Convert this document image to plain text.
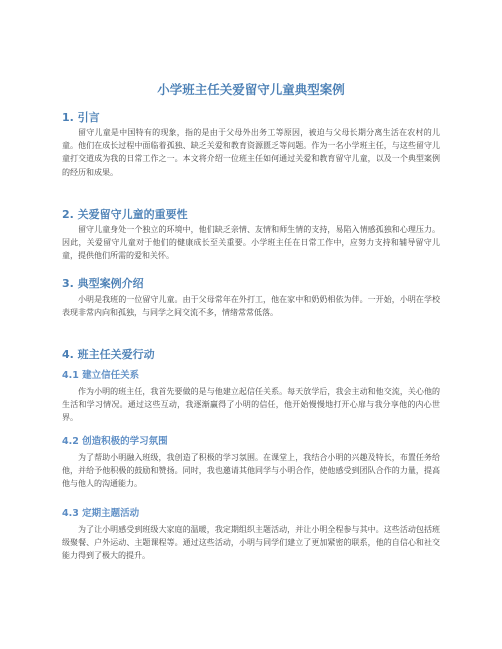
小学班主任关爱留守儿童典型案例
1. 引言

留守儿童是中国特有的现象，指的是由于父母外出务工等原因，被迫与父母长期分离生活在农村的儿童。他们在成长过程中面临着孤独、缺乏关爱和教育资源匮乏等问题。作为一名小学班主任，与这些留守儿童打交道成为我的日常工作之一。本文将介绍一位班主任如何通过关爱和教育留守儿童，以及一个典型案例的经历和成果。

2. 关爱留守儿童的重要性

留守儿童身处一个独立的环境中，他们缺乏亲情、友情和师生情的支持，易陷入情感孤独和心理压力。因此，关爱留守儿童对于他们的健康成长至关重要。小学班主任在日常工作中，应努力支持和辅导留守儿童，提供他们所需的爱和关怀。

3. 典型案例介绍

小明是我班的一位留守儿童。由于父母常年在外打工，他在家中和奶奶相依为伴。一开始，小明在学校表现非常内向和孤独，与同学之间交流不多，情绪常常低落。

4. 班主任关爱行动
4.1 建立信任关系

作为小明的班主任，我首先要做的是与他建立起信任关系。每天放学后，我会主动和他交流，关心他的生活和学习情况。通过这些互动，我逐渐赢得了小明的信任，他开始慢慢地打开心扉与我分享他的内心世界。

4.2 创造积极的学习氛围

为了帮助小明融入班级，我创造了积极的学习氛围。在课堂上，我结合小明的兴趣及特长，布置任务给他，并给予他积极的鼓励和赞扬。同时，我也邀请其他同学与小明合作，使他感受到团队合作的力量，提高他与他人的沟通能力。

4.3 定期主题活动

为了让小明感受到班级大家庭的温暖，我定期组织主题活动，并让小明全程参与其中。这些活动包括班级聚餐、户外运动、主题课程等。通过这些活动，小明与同学们建立了更加紧密的联系，他的自信心和社交能力得到了极大的提升。
